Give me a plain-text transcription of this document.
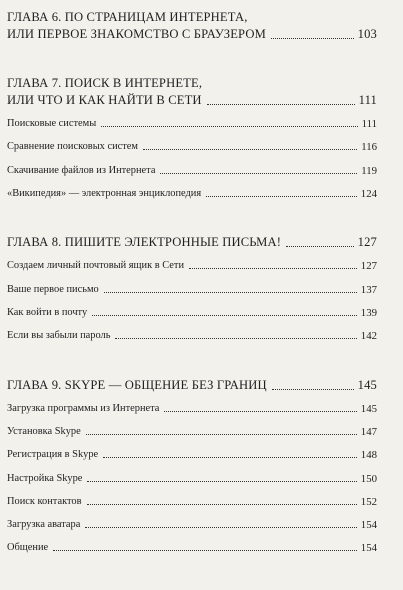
ГЛАВА 6. ПО СТРАНИЦАМ ИНТЕРНЕТА,
ИЛИ ПЕРВОЕ ЗНАКОМСТВО С БРАУЗЕРОМ	103
ГЛАВА 7. ПОИСК В ИНТЕРНЕТЕ,
ИЛИ ЧТО И КАК НАЙТИ В СЕТИ	111
Поисковые системы	111
Сравнение поисковых систем	116
Скачивание файлов из Интернета	119
«Википедия» — электронная энциклопедия	124
ГЛАВА 8. ПИШИТЕ ЭЛЕКТРОННЫЕ ПИСЬМА!	127
Создаем личный почтовый ящик в Сети	127
Ваше первое письмо	137
Как войти в почту	139
Если вы забыли пароль	142
ГЛАВА 9. SKYPE — ОБЩЕНИЕ БЕЗ ГРАНИЦ	145
Загрузка программы из Интернета	145
Установка Skype	147
Регистрация в Skype	148
Настройка Skype	150
Поиск контактов	152
Загрузка аватара	154
Общение	154
